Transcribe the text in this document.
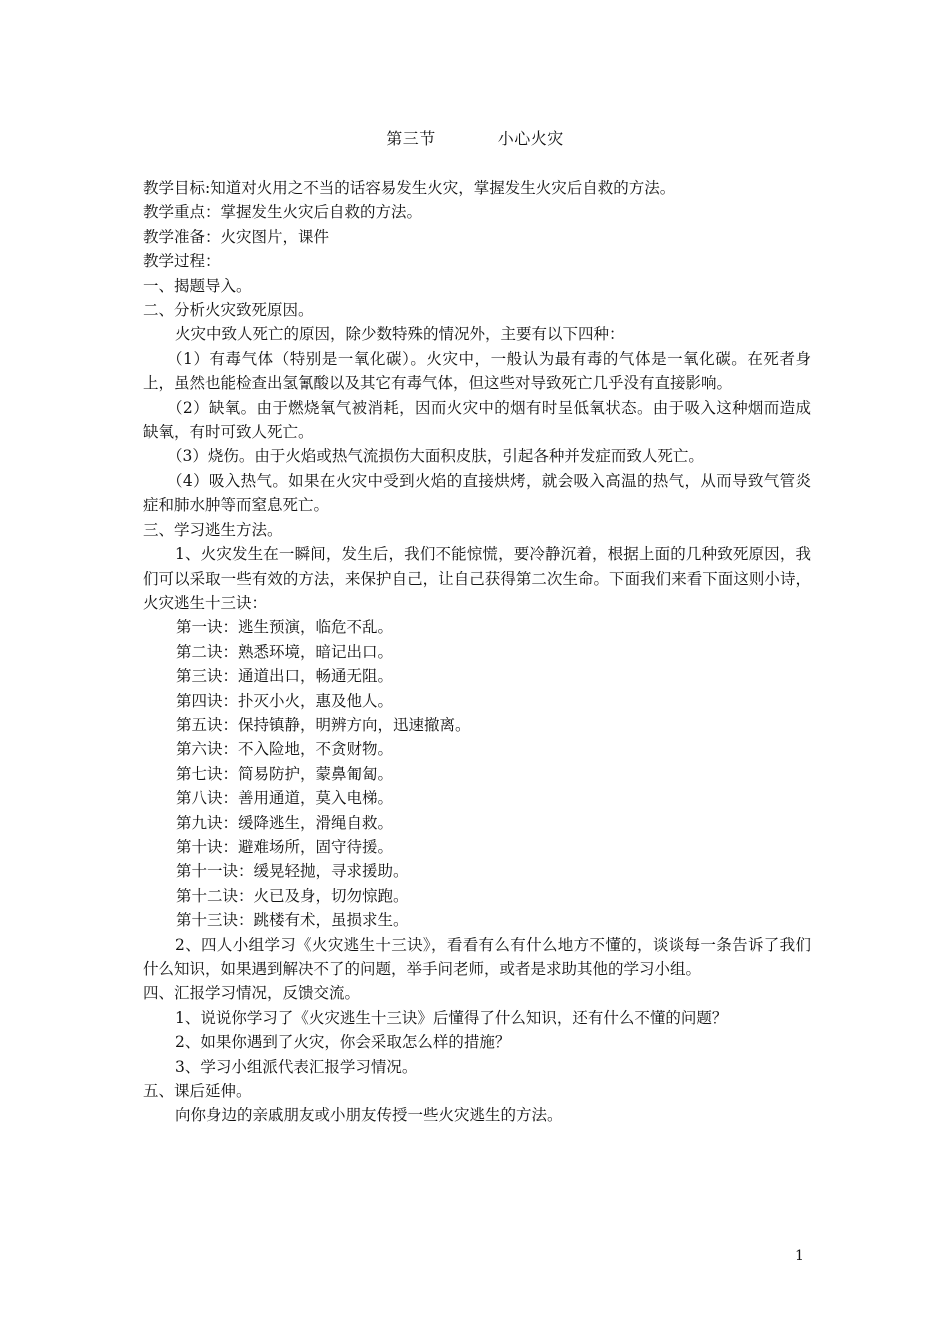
第三节	小心火灾

教学目标:知道对火用之不当的话容易发生火灾，掌握发生火灾后自救的方法。

教学重点：掌握发生火灾后自救的方法。

教学准备：火灾图片，课件

教学过程：

一、揭题导入。

二、分析火灾致死原因。

火灾中致人死亡的原因，除少数特殊的情况外，主要有以下四种：

（1）有毒气体（特别是一氧化碳）。火灾中，一般认为最有毒的气体是一氧化碳。在死者身上，虽然也能检查出氢氰酸以及其它有毒气体，但这些对导致死亡几乎没有直接影响。

（2）缺氧。由于燃烧氧气被消耗，因而火灾中的烟有时呈低氧状态。由于吸入这种烟而造成缺氧，有时可致人死亡。

（3）烧伤。由于火焰或热气流损伤大面积皮肤，引起各种并发症而致人死亡。

（4）吸入热气。如果在火灾中受到火焰的直接烘烤，就会吸入高温的热气，从而导致气管炎症和肺水肿等而窒息死亡。

三、学习逃生方法。

1、火灾发生在一瞬间，发生后，我们不能惊慌，要冷静沉着，根据上面的几种致死原因，我们可以采取一些有效的方法，来保护自己，让自己获得第二次生命。下面我们来看下面这则小诗，火灾逃生十三诀：

第一诀：逃生预演，临危不乱。

第二诀：熟悉环境，暗记出口。

第三诀：通道出口，畅通无阻。

第四诀：扑灭小火，惠及他人。

第五诀：保持镇静，明辨方向，迅速撤离。

第六诀：不入险地，不贪财物。

第七诀：简易防护，蒙鼻匍匐。

第八诀：善用通道，莫入电梯。

第九诀：缓降逃生，滑绳自救。

第十诀：避难场所，固守待援。

第十一诀：缓晃轻抛，寻求援助。

第十二诀：火已及身，切勿惊跑。

第十三诀：跳楼有术，虽损求生。

2、四人小组学习《火灾逃生十三诀》，看看有么有什么地方不懂的，谈谈每一条告诉了我们什么知识，如果遇到解决不了的问题，举手问老师，或者是求助其他的学习小组。

四、汇报学习情况，反馈交流。

1、说说你学习了《火灾逃生十三诀》后懂得了什么知识，还有什么不懂的问题？

2、如果你遇到了火灾，你会采取怎么样的措施？

3、学习小组派代表汇报学习情况。

五、课后延伸。

向你身边的亲戚朋友或小朋友传授一些火灾逃生的方法。

1
